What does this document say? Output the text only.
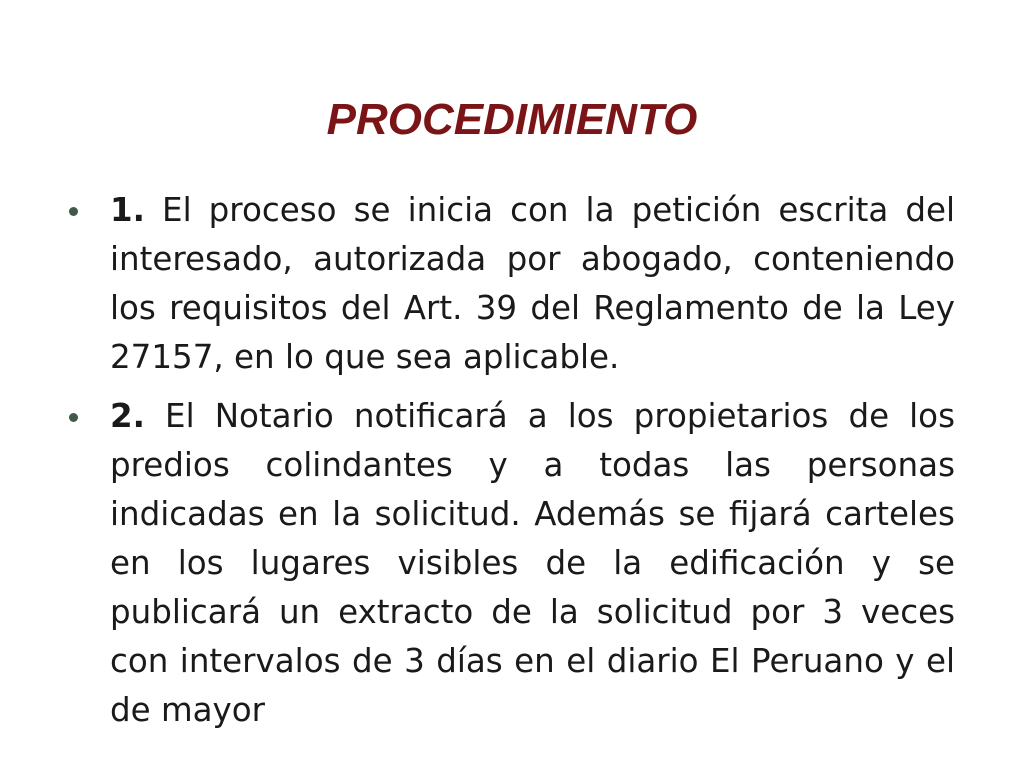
PROCEDIMIENTO
1. El proceso se inicia con la petición escrita del interesado, autorizada por abogado, conteniendo los requisitos del Art. 39 del Reglamento de la Ley 27157, en lo que sea aplicable.
2. El Notario notificará a los propietarios de los predios colindantes y a todas las personas indicadas en la solicitud. Además se fijará carteles en los lugares visibles de la edificación y se publicará un extracto de la solicitud por 3 veces con intervalos de 3 días en el diario El Peruano y el de mayor
